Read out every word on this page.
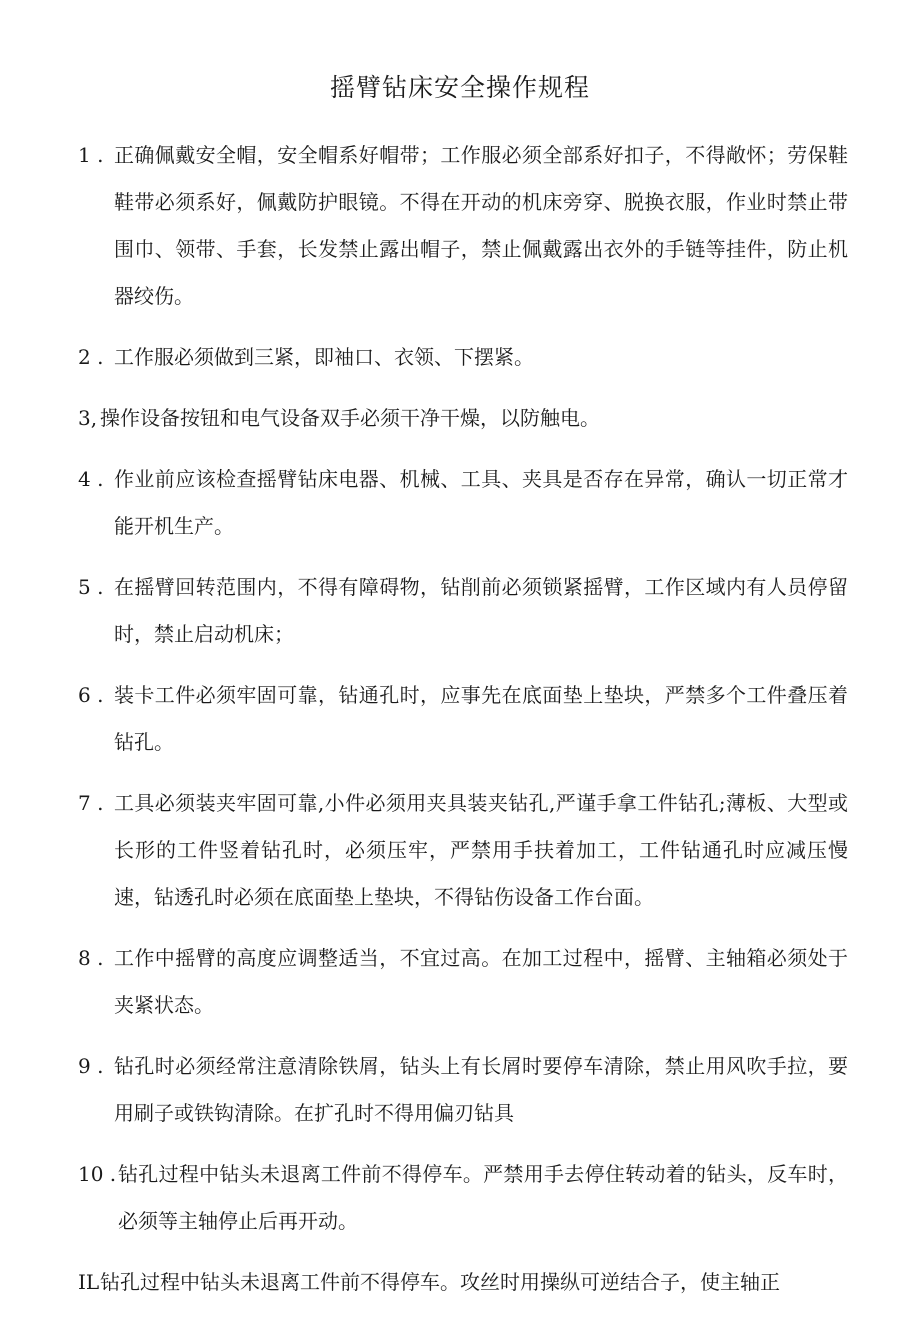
摇臂钻床安全操作规程
1 . 正确佩戴安全帽，安全帽系好帽带；工作服必须全部系好扣子，不得敞怀；劳保鞋鞋带必须系好，佩戴防护眼镜。不得在开动的机床旁穿、脱换衣服，作业时禁止带围巾、领带、手套，长发禁止露出帽子，禁止佩戴露出衣外的手链等挂件，防止机器绞伤。
2 . 工作服必须做到三紧，即袖口、衣领、下摆紧。
3, 操作设备按钮和电气设备双手必须干净干燥，以防触电。
4 . 作业前应该检查摇臂钻床电器、机械、工具、夹具是否存在异常，确认一切正常才能开机生产。
5 . 在摇臂回转范围内，不得有障碍物，钻削前必须锁紧摇臂，工作区域内有人员停留时，禁止启动机床；
6 . 装卡工件必须牢固可靠，钻通孔时，应事先在底面垫上垫块，严禁多个工件叠压着钻孔。
7 . 工具必须装夹牢固可靠,小件必须用夹具装夹钻孔,严谨手拿工件钻孔;薄板、大型或长形的工件竖着钻孔时，必须压牢，严禁用手扶着加工，工件钻通孔时应减压慢速，钻透孔时必须在底面垫上垫块，不得钻伤设备工作台面。
8 . 工作中摇臂的高度应调整适当，不宜过高。在加工过程中，摇臂、主轴箱必须处于夹紧状态。
9 . 钻孔时必须经常注意清除铁屑，钻头上有长屑时要停车清除，禁止用风吹手拉，要用刷子或铁钩清除。在扩孔时不得用偏刃钻具
10 . 钻孔过程中钻头未退离工件前不得停车。严禁用手去停住转动着的钻头，反车时，必须等主轴停止后再开动。
IL 钻孔过程中钻头未退离工件前不得停车。攻丝时用操纵可逆结合子，使主轴正
